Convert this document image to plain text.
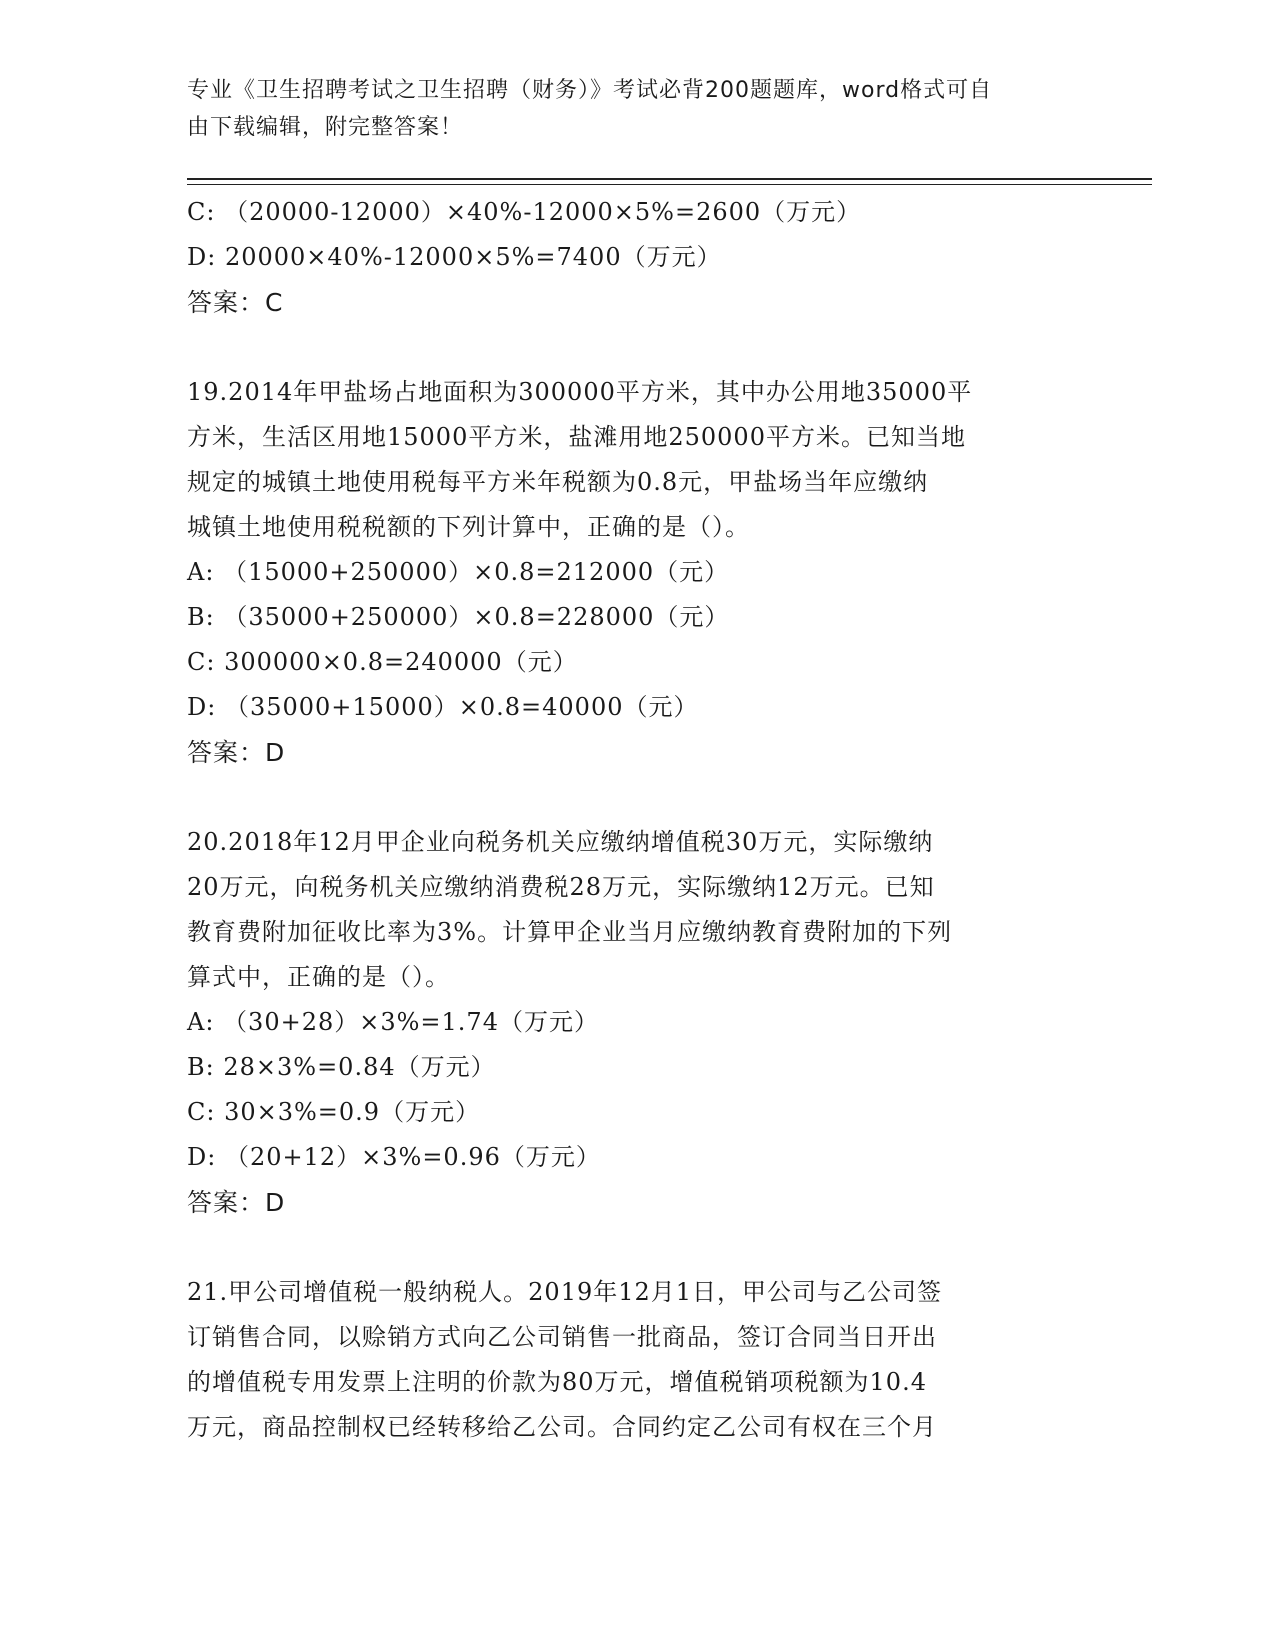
专业《卫生招聘考试之卫生招聘（财务）》考试必背200题题库，word格式可自
由下载编辑，附完整答案！
C: （20000-12000）×40%-12000×5%=2600（万元）
D: 20000×40%-12000×5%=7400（万元）
答案：C
19.2014年甲盐场占地面积为300000平方米，其中办公用地35000平
方米，生活区用地15000平方米，盐滩用地250000平方米。已知当地
规定的城镇土地使用税每平方米年税额为0.8元，甲盐场当年应缴纳
城镇土地使用税税额的下列计算中，正确的是（）。
A: （15000+250000）×0.8=212000（元）
B: （35000+250000）×0.8=228000（元）
C: 300000×0.8=240000（元）
D: （35000+15000）×0.8=40000（元）
答案：D
20.2018年12月甲企业向税务机关应缴纳增值税30万元，实际缴纳
20万元，向税务机关应缴纳消费税28万元，实际缴纳12万元。已知
教育费附加征收比率为3%。计算甲企业当月应缴纳教育费附加的下列
算式中，正确的是（）。
A: （30+28）×3%=1.74（万元）
B: 28×3%=0.84（万元）
C: 30×3%=0.9（万元）
D: （20+12）×3%=0.96（万元）
答案：D
21.甲公司增值税一般纳税人。2019年12月1日，甲公司与乙公司签
订销售合同，以赊销方式向乙公司销售一批商品，签订合同当日开出
的增值税专用发票上注明的价款为80万元，增值税销项税额为10.4
万元，商品控制权已经转移给乙公司。合同约定乙公司有权在三个月
